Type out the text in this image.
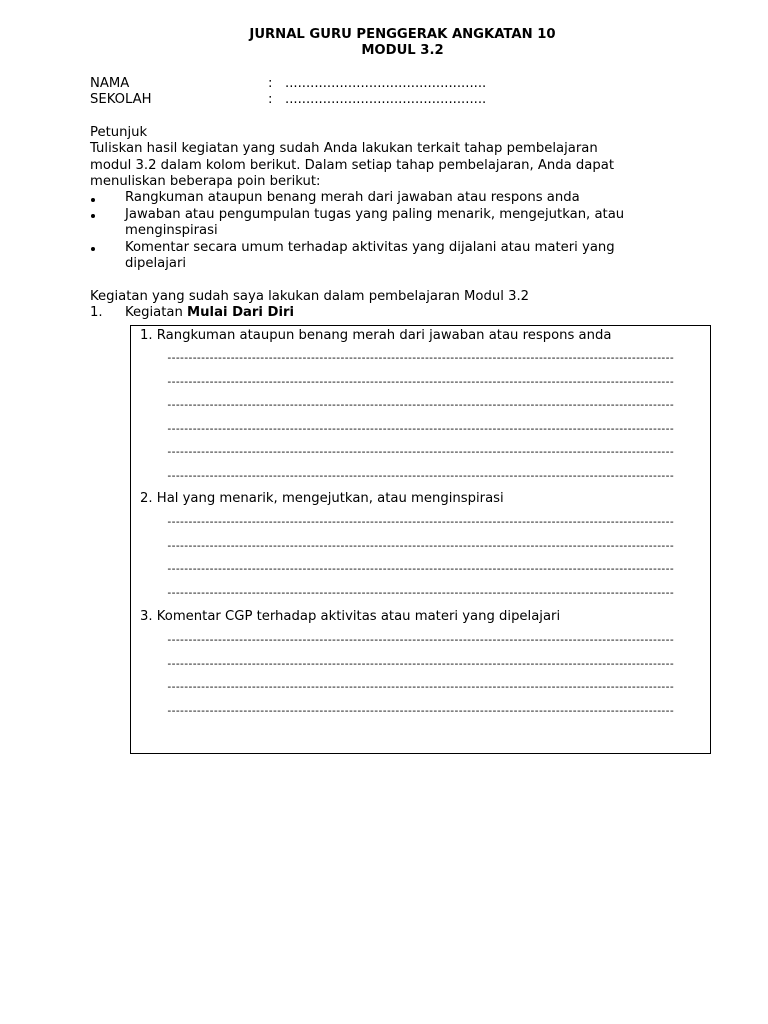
JURNAL GURU PENGGERAK ANGKATAN 10
MODUL 3.2
NAMA	: ................................................
SEKOLAH	: ................................................
Petunjuk
Tuliskan hasil kegiatan yang sudah Anda lakukan terkait tahap pembelajaran
modul 3.2 dalam kolom berikut. Dalam setiap tahap pembelajaran, Anda dapat
menuliskan beberapa poin berikut:
Rangkuman ataupun benang merah dari jawaban atau respons anda
Jawaban atau pengumpulan tugas yang paling menarik, mengejutkan, atau
menginspirasi
Komentar secara umum terhadap aktivitas yang dijalani atau materi yang
dipelajari
Kegiatan yang sudah saya lakukan dalam pembelajaran Modul 3.2
1. Kegiatan Mulai Dari Diri
1. Rangkuman ataupun benang merah dari jawaban atau respons anda
------------------------------------------------------------------------------------------------------------------------
------------------------------------------------------------------------------------------------------------------------
------------------------------------------------------------------------------------------------------------------------
------------------------------------------------------------------------------------------------------------------------
------------------------------------------------------------------------------------------------------------------------
------------------------------------------------------------------------------------------------------------------------
2. Hal yang menarik, mengejutkan, atau menginspirasi
------------------------------------------------------------------------------------------------------------------------
------------------------------------------------------------------------------------------------------------------------
------------------------------------------------------------------------------------------------------------------------
------------------------------------------------------------------------------------------------------------------------
3. Komentar CGP terhadap aktivitas atau materi yang dipelajari
------------------------------------------------------------------------------------------------------------------------
------------------------------------------------------------------------------------------------------------------------
------------------------------------------------------------------------------------------------------------------------
------------------------------------------------------------------------------------------------------------------------
